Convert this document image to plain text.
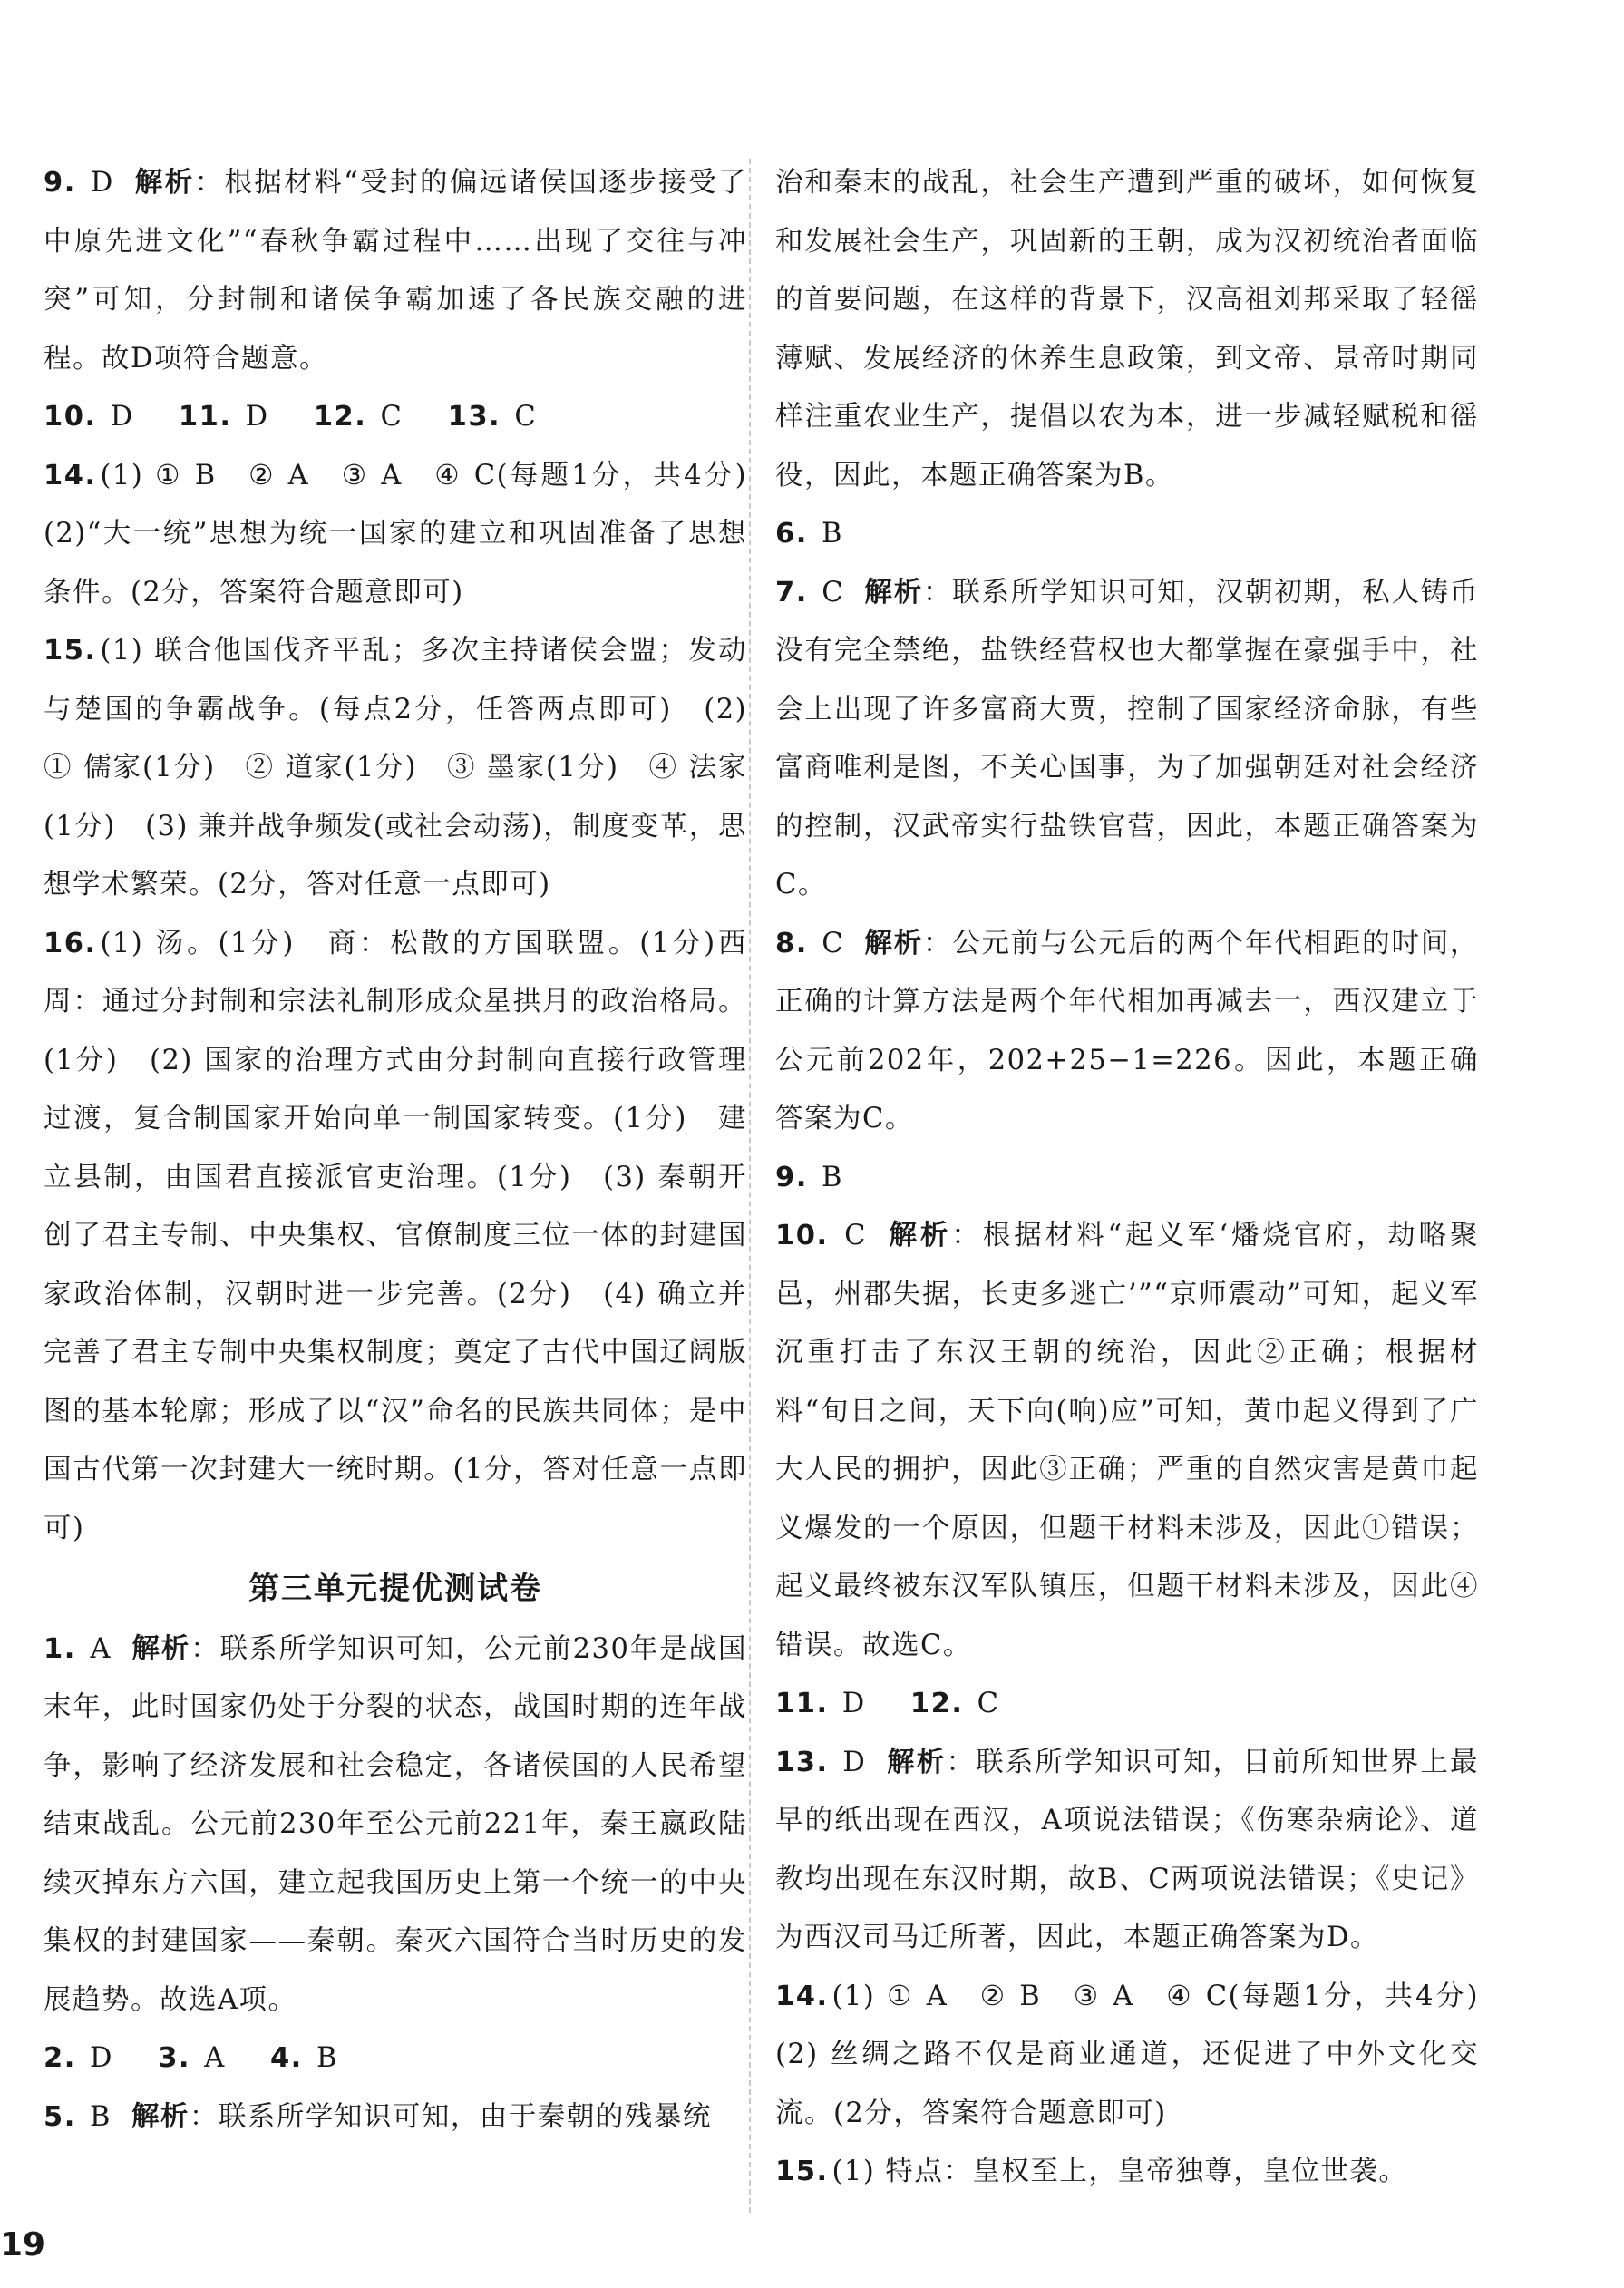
9. D 解析：根据材料“受封的偏远诸侯国逐步接受了中原先进文化”“春秋争霸过程中……出现了交往与冲突”可知，分封制和诸侯争霸加速了各民族交融的进程。故D项符合题意。

10. D 11. D 12. C 13. C

14. (1) ① B　② A　③ A　④ C(每题1分，共4分)　(2)“大一统”思想为统一国家的建立和巩固准备了思想条件。(2分，答案符合题意即可)

15. (1) 联合他国伐齐平乱；多次主持诸侯会盟；发动与楚国的争霸战争。(每点2分，任答两点即可)　(2) ① 儒家(1分)　② 道家(1分)　③ 墨家(1分)　④ 法家(1分)　(3) 兼并战争频发(或社会动荡)，制度变革，思想学术繁荣。(2分，答对任意一点即可)

16. (1) 汤。(1分)　商：松散的方国联盟。(1分)西周：通过分封制和宗法礼制形成众星拱月的政治格局。(1分)　(2) 国家的治理方式由分封制向直接行政管理过渡，复合制国家开始向单一制国家转变。(1分)　建立县制，由国君直接派官吏治理。(1分)　(3) 秦朝开创了君主专制、中央集权、官僚制度三位一体的封建国家政治体制，汉朝时进一步完善。(2分)　(4) 确立并完善了君主专制中央集权制度；奠定了古代中国辽阔版图的基本轮廓；形成了以“汉”命名的民族共同体；是中国古代第一次封建大一统时期。(1分，答对任意一点即可)

第三单元提优测试卷

1. A 解析：联系所学知识可知，公元前230年是战国末年，此时国家仍处于分裂的状态，战国时期的连年战争，影响了经济发展和社会稳定，各诸侯国的人民希望结束战乱。公元前230年至公元前221年，秦王嬴政陆续灭掉东方六国，建立起我国历史上第一个统一的中央集权的封建国家——秦朝。秦灭六国符合当时历史的发展趋势。故选A项。

2. D 3. A 4. B

5. B 解析：联系所学知识可知，由于秦朝的残暴统

治和秦末的战乱，社会生产遭到严重的破坏，如何恢复和发展社会生产，巩固新的王朝，成为汉初统治者面临的首要问题，在这样的背景下，汉高祖刘邦采取了轻徭薄赋、发展经济的休养生息政策，到文帝、景帝时期同样注重农业生产，提倡以农为本，进一步减轻赋税和徭役，因此，本题正确答案为B。

6. B

7. C 解析：联系所学知识可知，汉朝初期，私人铸币没有完全禁绝，盐铁经营权也大都掌握在豪强手中，社会上出现了许多富商大贾，控制了国家经济命脉，有些富商唯利是图，不关心国事，为了加强朝廷对社会经济的控制，汉武帝实行盐铁官营，因此，本题正确答案为C。

8. C 解析：公元前与公元后的两个年代相距的时间，正确的计算方法是两个年代相加再减去一，西汉建立于公元前202年，202+25−1=226。因此，本题正确答案为C。

9. B

10. C 解析：根据材料“起义军‘燔烧官府，劫略聚邑，州郡失据，长吏多逃亡’”“京师震动”可知，起义军沉重打击了东汉王朝的统治，因此②正确；根据材料“旬日之间，天下向(响)应”可知，黄巾起义得到了广大人民的拥护，因此③正确；严重的自然灾害是黄巾起义爆发的一个原因，但题干材料未涉及，因此①错误；起义最终被东汉军队镇压，但题干材料未涉及，因此④错误。故选C。

11. D 12. C

13. D 解析：联系所学知识可知，目前所知世界上最早的纸出现在西汉，A项说法错误；《伤寒杂病论》、道教均出现在东汉时期，故B、C两项说法错误；《史记》为西汉司马迁所著，因此，本题正确答案为D。

14. (1) ① A　② B　③ A　④ C(每题1分，共4分)　(2) 丝绸之路不仅是商业通道，还促进了中外文化交流。(2分，答案符合题意即可)

15. (1) 特点：皇权至上，皇帝独尊，皇位世袭。

19
